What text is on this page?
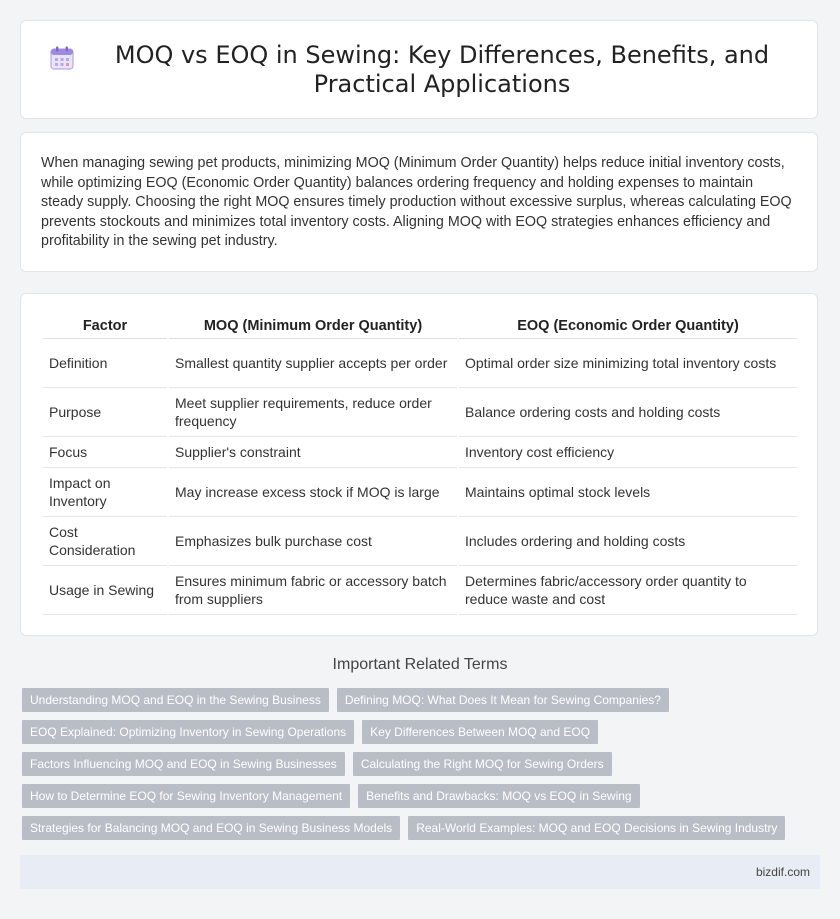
MOQ vs EOQ in Sewing: Key Differences, Benefits, and Practical Applications

When managing sewing pet products, minimizing MOQ (Minimum Order Quantity) helps reduce initial inventory costs, while optimizing EOQ (Economic Order Quantity) balances ordering frequency and holding expenses to maintain steady supply. Choosing the right MOQ ensures timely production without excessive surplus, whereas calculating EOQ prevents stockouts and minimizes total inventory costs. Aligning MOQ with EOQ strategies enhances efficiency and profitability in the sewing pet industry.

Factor	MOQ (Minimum Order Quantity)	EOQ (Economic Order Quantity)
Definition	Smallest quantity supplier accepts per order	Optimal order size minimizing total inventory costs
Purpose	Meet supplier requirements, reduce order frequency	Balance ordering costs and holding costs
Focus	Supplier's constraint	Inventory cost efficiency
Impact on Inventory	May increase excess stock if MOQ is large	Maintains optimal stock levels
Cost Consideration	Emphasizes bulk purchase cost	Includes ordering and holding costs
Usage in Sewing	Ensures minimum fabric or accessory batch from suppliers	Determines fabric/accessory order quantity to reduce waste and cost
Important Related Terms
Understanding MOQ and EOQ in the Sewing Business	Defining MOQ: What Does It Mean for Sewing Companies?
EOQ Explained: Optimizing Inventory in Sewing Operations	Key Differences Between MOQ and EOQ
Factors Influencing MOQ and EOQ in Sewing Businesses	Calculating the Right MOQ for Sewing Orders
How to Determine EOQ for Sewing Inventory Management	Benefits and Drawbacks: MOQ vs EOQ in Sewing
Strategies for Balancing MOQ and EOQ in Sewing Business Models	Real-World Examples: MOQ and EOQ Decisions in Sewing Industry
bizdif.com
